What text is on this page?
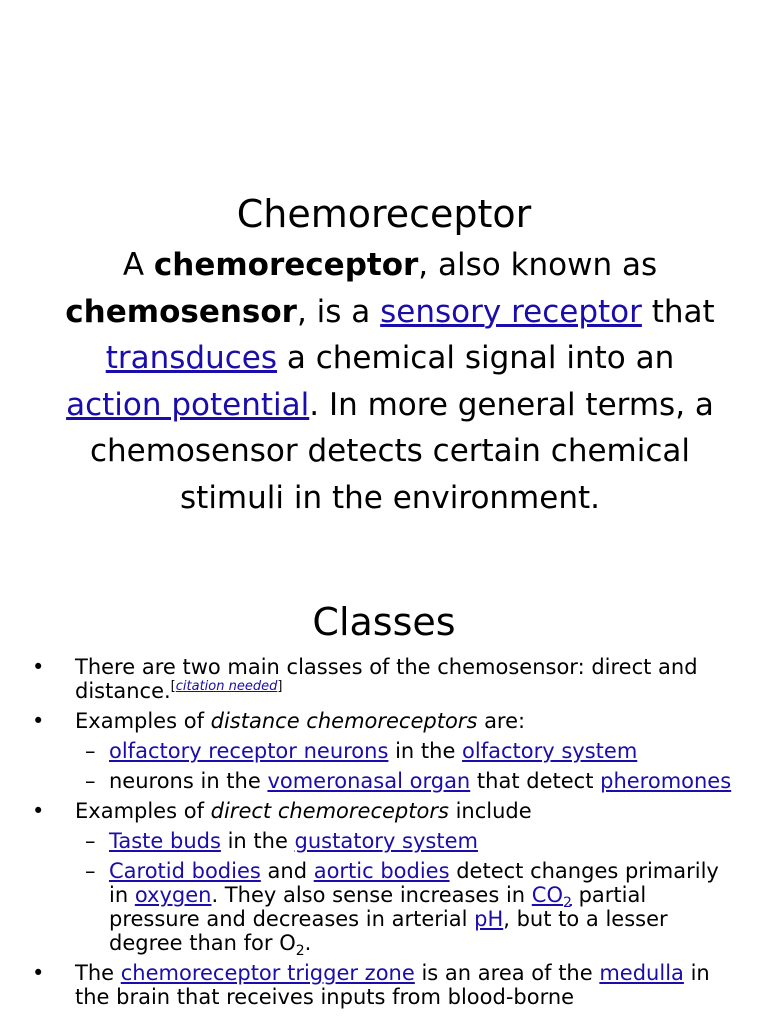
Chemoreceptor

A chemoreceptor, also known as chemosensor, is a sensory receptor that transduces a chemical signal into an action potential. In more general terms, a chemosensor detects certain chemical stimuli in the environment.

Classes
• There are two main classes of the chemosensor: direct and distance.[citation needed]
• Examples of distance chemoreceptors are:
– olfactory receptor neurons in the olfactory system
– neurons in the vomeronasal organ that detect pheromones
• Examples of direct chemoreceptors include
– Taste buds in the gustatory system
– Carotid bodies and aortic bodies detect changes primarily in oxygen. They also sense increases in $CO_2$ partial pressure and decreases in arterial pH, but to a lesser degree than for $O_2$.
• The chemoreceptor trigger zone is an area of the medulla in the brain that receives inputs from blood-borne
